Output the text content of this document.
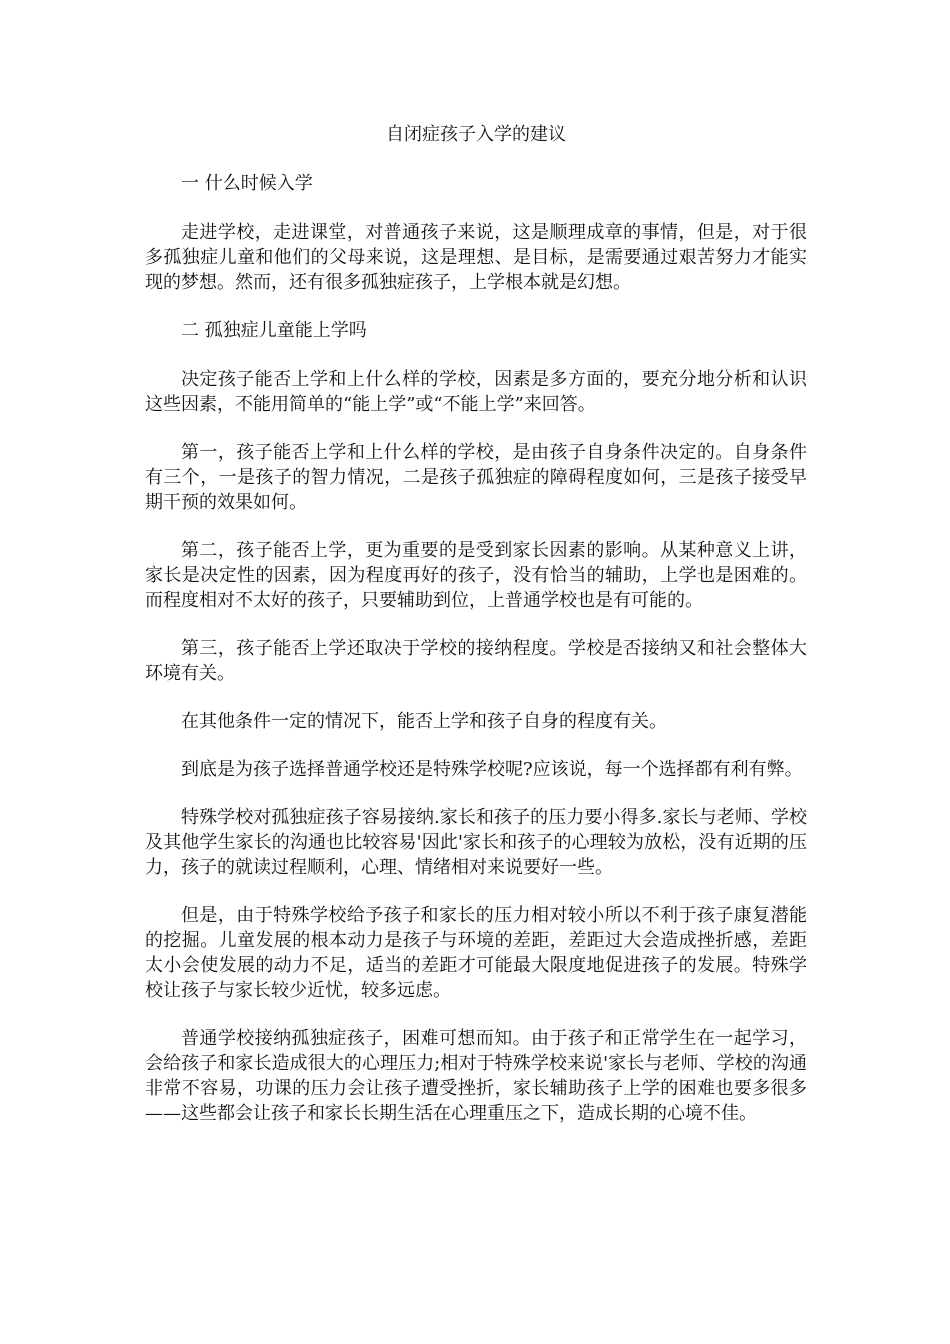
自闭症孩子入学的建议
一 什么时候入学

走进学校，走进课堂，对普通孩子来说，这是顺理成章的事情，但是，对于很多孤独症儿童和他们的父母来说，这是理想、是目标，是需要通过艰苦努力才能实现的梦想。然而，还有很多孤独症孩子，上学根本就是幻想。

二 孤独症儿童能上学吗

决定孩子能否上学和上什么样的学校，因素是多方面的，要充分地分析和认识这些因素，不能用简单的“能上学”或“不能上学”来回答。

第一，孩子能否上学和上什么样的学校，是由孩子自身条件决定的。自身条件有三个，一是孩子的智力情况，二是孩子孤独症的障碍程度如何，三是孩子接受早期干预的效果如何。

第二，孩子能否上学，更为重要的是受到家长因素的影响。从某种意义上讲，家长是决定性的因素，因为程度再好的孩子，没有恰当的辅助，上学也是困难的。而程度相对不太好的孩子，只要辅助到位，上普通学校也是有可能的。

第三，孩子能否上学还取决于学校的接纳程度。学校是否接纳又和社会整体大环境有关。

在其他条件一定的情况下，能否上学和孩子自身的程度有关。

到底是为孩子选择普通学校还是特殊学校呢?应该说，每一个选择都有利有弊。

特殊学校对孤独症孩子容易接纳.家长和孩子的压力要小得多.家长与老师、学校及其他学生家长的沟通也比较容易'因此'家长和孩子的心理较为放松，没有近期的压力，孩子的就读过程顺利，心理、情绪相对来说要好一些。

但是，由于特殊学校给予孩子和家长的压力相对较小所以不利于孩子康复潜能的挖掘。儿童发展的根本动力是孩子与环境的差距，差距过大会造成挫折感，差距太小会使发展的动力不足，适当的差距才可能最大限度地促进孩子的发展。特殊学校让孩子与家长较少近忧，较多远虑。

普通学校接纳孤独症孩子，困难可想而知。由于孩子和正常学生在一起学习，会给孩子和家长造成很大的心理压力;相对于特殊学校来说'家长与老师、学校的沟通非常不容易，功课的压力会让孩子遭受挫折，家长辅助孩子上学的困难也要多很多——这些都会让孩子和家长长期生活在心理重压之下，造成长期的心境不佳。
